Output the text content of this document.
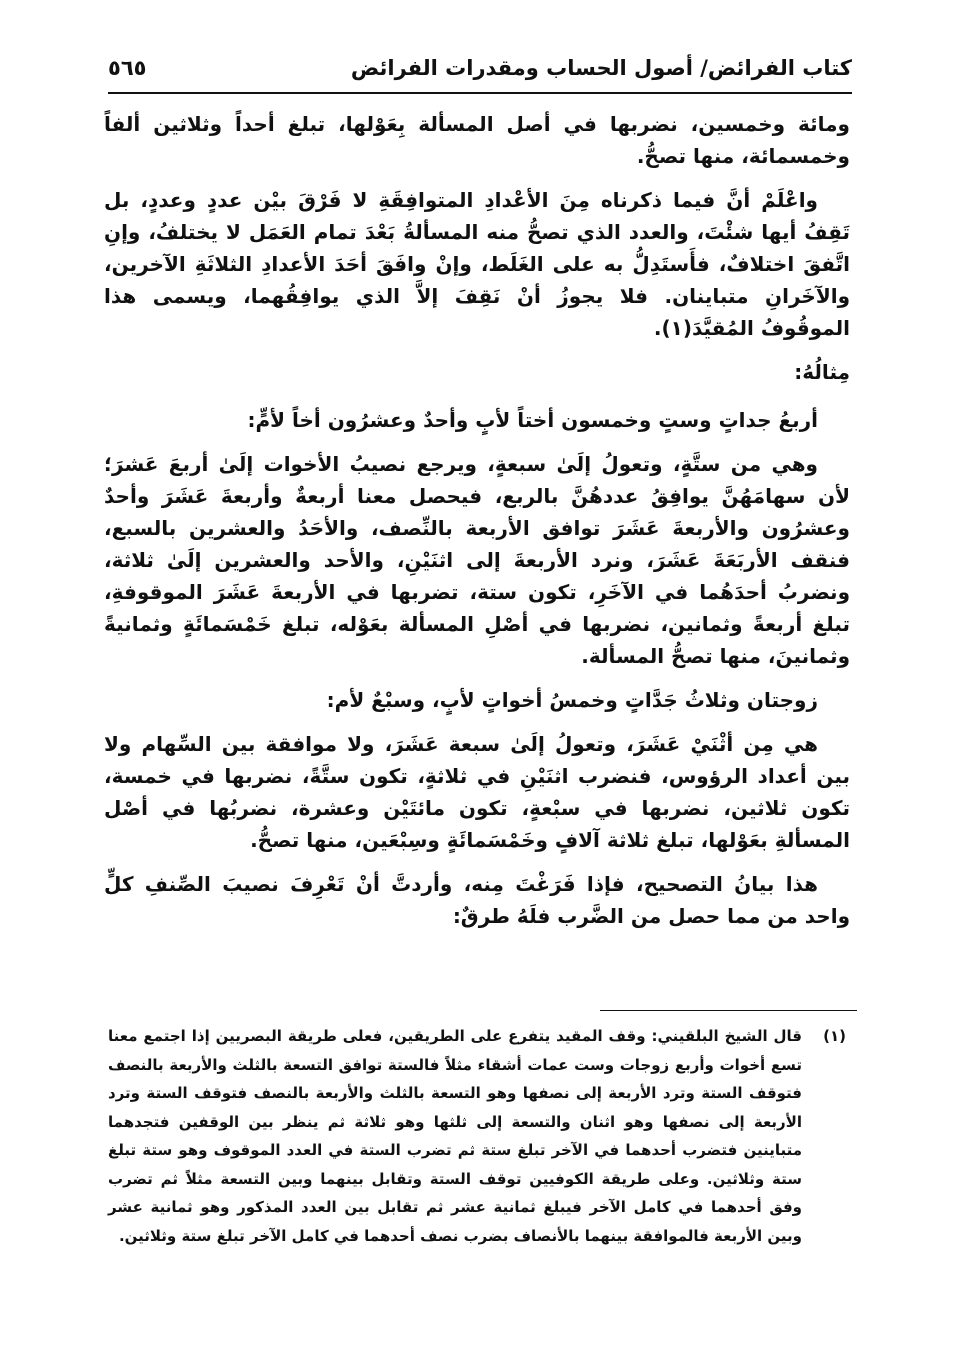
كتاب الفرائض/ أصول الحساب ومقدرات الفرائض
٥٦٥

ومائة وخمسين، نضربها في أصل المسألة بِعَوْلها، تبلغ أحداً وثلاثين ألفاً وخمسمائة، منها تصحُّ.

واعْلَمْ أنَّ فيما ذكرناه مِنَ الأعْدادِ المتوافِقَةِ لا فَرْقَ بيْن عددٍ وعددٍ، بل تَقِفُ أيها شئْتَ، والعدد الذي تصحُّ منه المسألةُ بَعْدَ تمام العَمَل لا يختلفُ، وإنِ اتَّفقَ اختلافٌ، فأَستَدِلُّ به على الغَلَط، وإنْ وافَقَ أحَدَ الأعدادِ الثلاثَةِ الآخرين، والآخَرانِ متباينان. فلا يجوزُ أنْ نَقِفَ إلاَّ الذي يوافِقُهما، ويسمى هذا الموقُوفُ المُقيَّدَ(١).

مِثالُهُ:

أربعُ جداتٍ وستٍ وخمسون أختاً لأبٍ وأحدٌ وعشرُون أخاً لأمٍّ:

وهي من ستَّةٍ، وتعولُ إلَىٰ سبعةٍ، ويرجع نصيبُ الأخوات إلَىٰ أربعَ عَشرَ؛ لأن سهامَهُنَّ يوافِقُ عددهُنَّ بالربع، فيحصل معنا أربعةٌ وأربعةَ عَشَرَ وأحدٌ وعشرُون والأربعةَ عَشَرَ توافق الأربعة بالنِّصف، والأحَدُ والعشرين بالسبع، فنقف الأربَعَةَ عَشَرَ، ونرد الأربعةَ إلى اثنَيْنِ، والأحد والعشرين إلَىٰ ثلاثة، ونضربُ أحدَهُما في الآخَرِ، تكون ستة، تضربها في الأربعةَ عَشَرَ الموقوفةِ، تبلغ أربعةً وثمانين، نضربها في أصْلِ المسألة بعَوْله، تبلغ خَمْسَمائَةٍ وثمانيةً وثمانينَ، منها تصحُّ المسألة.

زوجتان وثلاثُ جَدَّاتٍ وخمسُ أخواتٍ لأبٍ، وسبْعٌ لأم:

هي مِن أثْنَيْ عَشَرَ، وتعولُ إلَىٰ سبعة عَشَرَ، ولا موافقة بين السِّهام ولا بين أعداد الرؤوس، فنضرب اثنَيْنِ في ثلاثةٍ، تكون ستَّةً، نضربها في خمسة، تكون ثلاثين، نضربها في سبْعةٍ، تكون مائتَيْن وعشرة، نضربُها في أصْل المسألةِ بعَوْلها، تبلغ ثلاثة آلافٍ وخَمْسَمائَةٍ وسِبْعَين، منها تصحُّ.

هذا بيانُ التصحيح، فإذا فَرَغْتَ مِنه، وأردتَّ أنْ تَعْرِفَ نصيبَ الصِّنفِ كلٍّ واحد من مما حصل من الضَّرب فلَهُ طرقٌ:

(١)
قال الشيخ البلقيني: وقف المقيد يتفرع على الطريقين، فعلى طريقة البصريين إذا اجتمع معنا تسع أخوات وأربع زوجات وست عمات أشقاء مثلاً فالستة توافق التسعة بالثلث والأربعة بالنصف فتوقف الستة وترد الأربعة إلى نصفها وهو التسعة بالثلث والأربعة بالنصف فتوقف الستة وترد الأربعة إلى نصفها وهو اثنان والتسعة إلى ثلثها وهو ثلاثة ثم ينظر بين الوقفين فتجدهما متباينين فتضرب أحدهما في الآخر تبلغ ستة ثم تضرب الستة في العدد الموقوف وهو ستة تبلغ ستة وثلاثين. وعلى طريقة الكوفيين توقف الستة وتقابل بينهما وبين التسعة مثلاً ثم تضرب وفق أحدهما في كامل الآخر فيبلغ ثمانية عشر ثم تقابل بين العدد المذكور وهو ثمانية عشر وبين الأربعة فالموافقة بينهما بالأنصاف بضرب نصف أحدهما في كامل الآخر تبلغ ستة وثلاثين.
